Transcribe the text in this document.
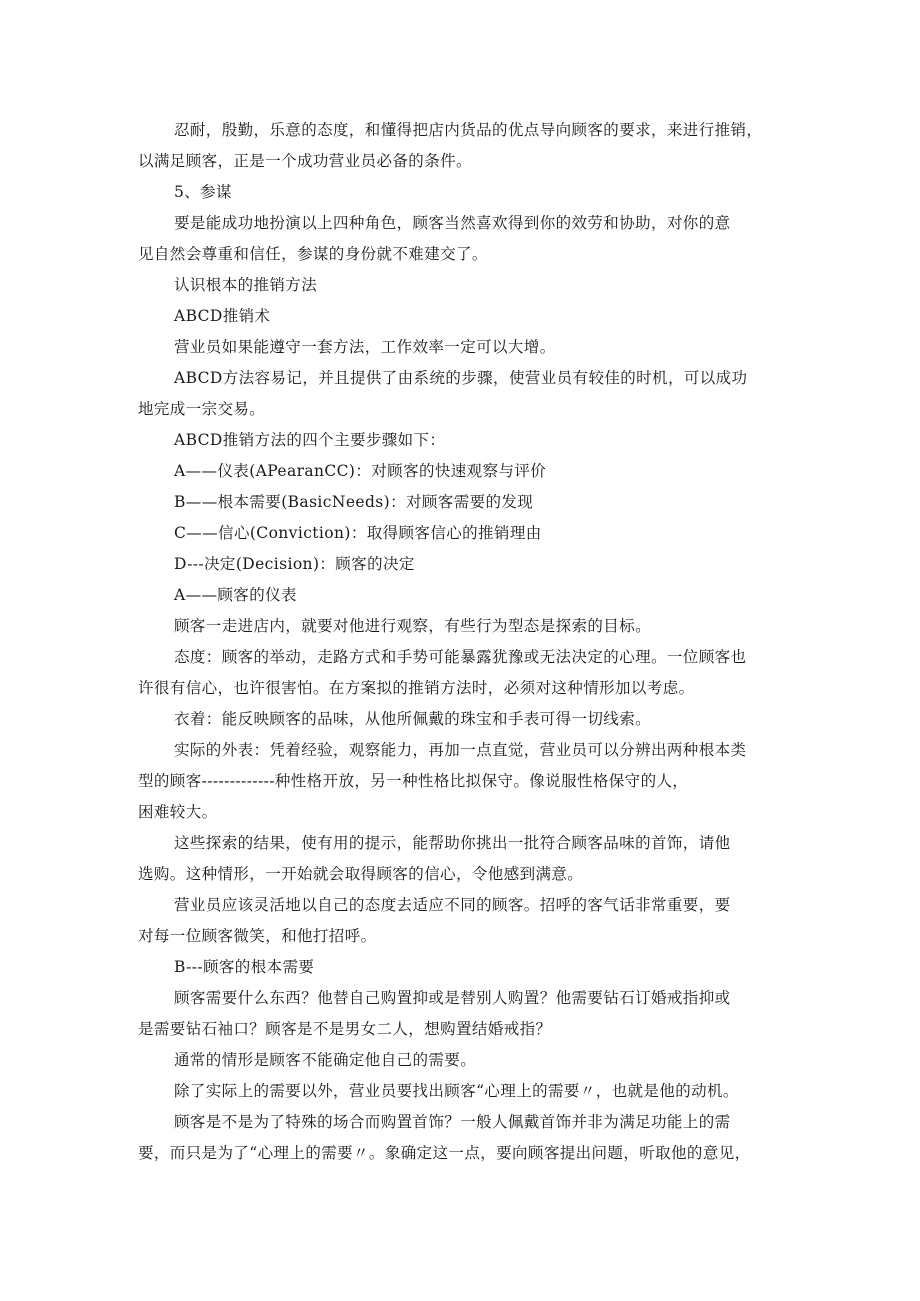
忍耐，殷勤，乐意的态度，和懂得把店内货品的优点导向顾客的要求，来进行推销，

以满足顾客，正是一个成功营业员必备的条件。

5、参谋

要是能成功地扮演以上四种角色，顾客当然喜欢得到你的效劳和协助，对你的意

见自然会尊重和信任，参谋的身份就不难建交了。

认识根本的推销方法

ABCD推销术

营业员如果能遵守一套方法，工作效率一定可以大增。

ABCD方法容易记，并且提供了由系统的步骤，使营业员有较佳的时机，可以成功

地完成一宗交易。

ABCD推销方法的四个主要步骤如下：

A——仪表(APearanCC)：对顾客的快速观察与评价

B——根本需要(BasicNeeds)：对顾客需要的发现

C——信心(Conviction)：取得顾客信心的推销理由

D---决定(Decision)：顾客的决定

A——顾客的仪表

顾客一走进店内，就要对他进行观察，有些行为型态是探索的目标。

态度：顾客的举动，走路方式和手势可能暴露犹豫或无法决定的心理。一位顾客也

许很有信心，也许很害怕。在方案拟的推销方法时，必须对这种情形加以考虑。

衣着：能反映顾客的品味，从他所佩戴的珠宝和手表可得一切线索。

实际的外表：凭着经验，观察能力，再加一点直觉，营业员可以分辨出两种根本类

型的顾客-------------种性格开放，另一种性格比拟保守。像说服性格保守的人，

困难较大。

这些探索的结果，使有用的提示，能帮助你挑出一批符合顾客品味的首饰，请他

选购。这种情形，一开始就会取得顾客的信心，令他感到满意。

营业员应该灵活地以自己的态度去适应不同的顾客。招呼的客气话非常重要，要

对每一位顾客微笑，和他打招呼。

B---顾客的根本需要

顾客需要什么东西？他替自己购置抑或是替别人购置？他需要钻石订婚戒指抑或

是需要钻石袖口？顾客是不是男女二人，想购置结婚戒指？

通常的情形是顾客不能确定他自己的需要。

除了实际上的需要以外，营业员要找出顾客“心理上的需要〃，也就是他的动机。

顾客是不是为了特殊的场合而购置首饰？一般人佩戴首饰并非为满足功能上的需

要，而只是为了“心理上的需要〃。象确定这一点，要向顾客提出问题，听取他的意见，
